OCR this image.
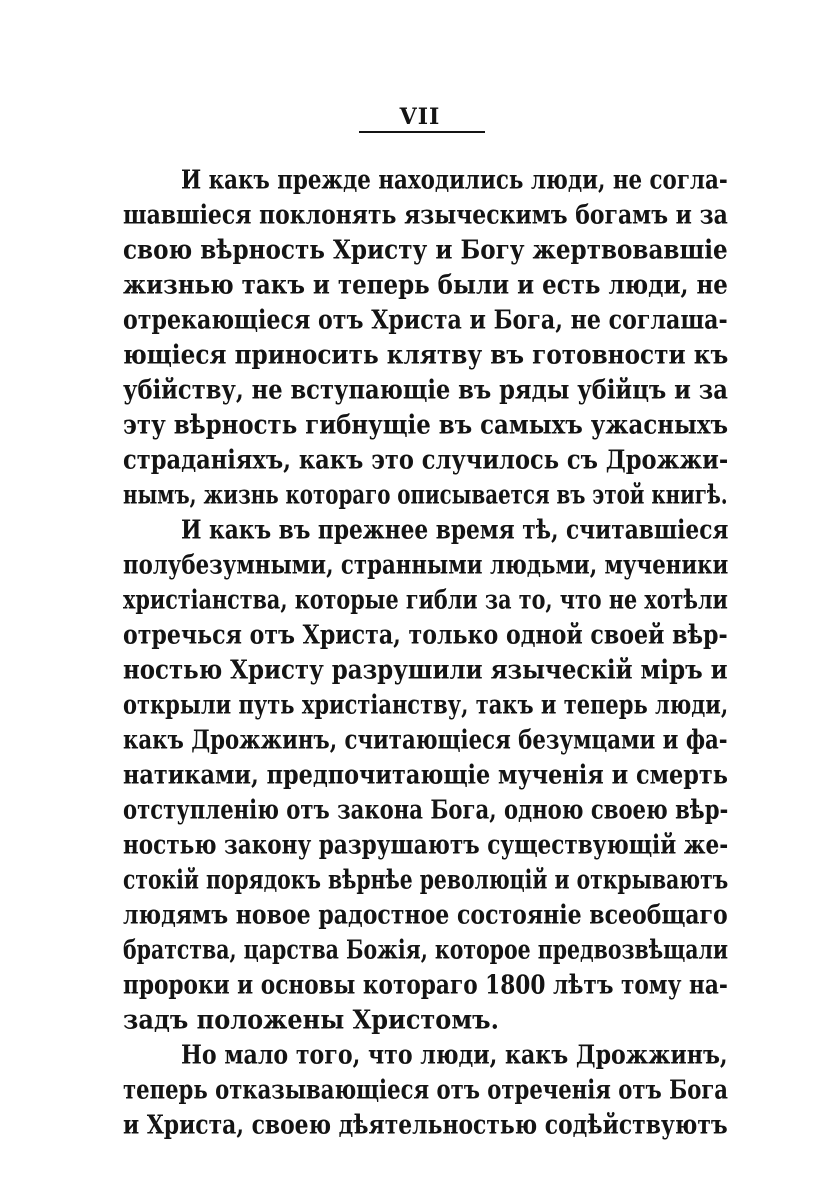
VII
И какъ прежде находились люди, не согла-
шавшіеся поклонять языческимъ богамъ и за
свою вѣрность Христу и Богу жертвовавшіе
жизнью такъ и теперь были и есть люди, не
отрекающіеся отъ Христа и Бога, не соглаша-
ющіеся приносить клятву въ готовности къ
убійству, не вступающіе въ ряды убійцъ и за
эту вѣрность гибнущіе въ самыхъ ужасныхъ
страданіяхъ, какъ это случилось съ Дрожжи-
нымъ, жизнь котораго описывается въ этой книгѣ.
И какъ въ прежнее время тѣ, считавшіеся
полубезумными, странными людьми, мученики
христіанства, которые гибли за то, что не хотѣли
отречься отъ Христа, только одной своей вѣр-
ностью Христу разрушили языческій міръ и
открыли путь христіанству, такъ и теперь люди,
какъ Дрожжинъ, считающіеся безумцами и фа-
натиками, предпочитающіе мученія и смерть
отступленію отъ закона Бога, одною своею вѣр-
ностью закону разрушаютъ существующій же-
стокій порядокъ вѣрнѣе революцій и открываютъ
людямъ новое радостное состояніе всеобщаго
братства, царства Божія, которое предвозвѣщали
пророки и основы котораго 1800 лѣтъ тому на-
задъ положены Христомъ.
Но мало того, что люди, какъ Дрожжинъ,
теперь отказывающіеся отъ отреченія отъ Бога
и Христа, своею дѣятельностью содѣйствуютъ
